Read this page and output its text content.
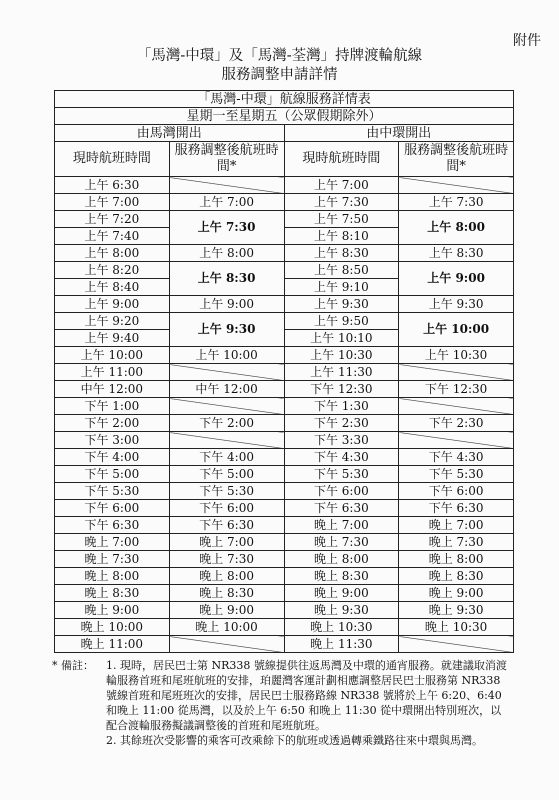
附件
「馬灣-中環」及「馬灣-荃灣」持牌渡輪航線
服務調整申請詳情
「馬灣-中環」航線服務詳情表			
星期一至星期五（公眾假期除外）			
由馬灣開出		由中環開出	
現時航班時間	服務調整後航班時間*	現時航班時間	服務調整後航班時間*
上午 6:30		上午 7:00	
上午 7:00	上午 7:00	上午 7:30	上午 7:30
上午 7:20	上午 7:30	上午 7:50	上午 8:00
上午 7:40		上午 8:10	
上午 8:00	上午 8:00	上午 8:30	上午 8:30
上午 8:20	上午 8:30	上午 8:50	上午 9:00
上午 8:40		上午 9:10	
上午 9:00	上午 9:00	上午 9:30	上午 9:30
上午 9:20	上午 9:30	上午 9:50	上午 10:00
上午 9:40		上午 10:10	
上午 10:00	上午 10:00	上午 10:30	上午 10:30
上午 11:00		上午 11:30	
中午 12:00	中午 12:00	下午 12:30	下午 12:30
下午 1:00		下午 1:30	
下午 2:00	下午 2:00	下午 2:30	下午 2:30
下午 3:00		下午 3:30	
下午 4:00	下午 4:00	下午 4:30	下午 4:30
下午 5:00	下午 5:00	下午 5:30	下午 5:30
下午 5:30	下午 5:30	下午 6:00	下午 6:00
下午 6:00	下午 6:00	下午 6:30	下午 6:30
下午 6:30	下午 6:30	晚上 7:00	晚上 7:00
晚上 7:00	晚上 7:00	晚上 7:30	晚上 7:30
晚上 7:30	晚上 7:30	晚上 8:00	晚上 8:00
晚上 8:00	晚上 8:00	晚上 8:30	晚上 8:30
晚上 8:30	晚上 8:30	晚上 9:00	晚上 9:00
晚上 9:00	晚上 9:00	晚上 9:30	晚上 9:30
晚上 10:00	晚上 10:00	晚上 10:30	晚上 10:30
晚上 11:00		晚上 11:30	
* 備註： 1. 現時，居民巴士第 NR338 號線提供往返馬灣及中環的通宵服務。就建議取消渡輪服務首班和尾班航班的安排，珀麗灣客運計劃相應調整居民巴士服務第 NR338 號線首班和尾班班次的安排，居民巴士服務路線 NR338 號將於上午 6:20、6:40 和晚上 11:00 從馬灣，以及於上午 6:50 和晚上 11:30 從中環開出特別班次，以配合渡輪服務擬議調整後的首班和尾班航班。

2. 其餘班次受影響的乘客可改乘餘下的航班或透過轉乘鐵路往來中環與馬灣。
